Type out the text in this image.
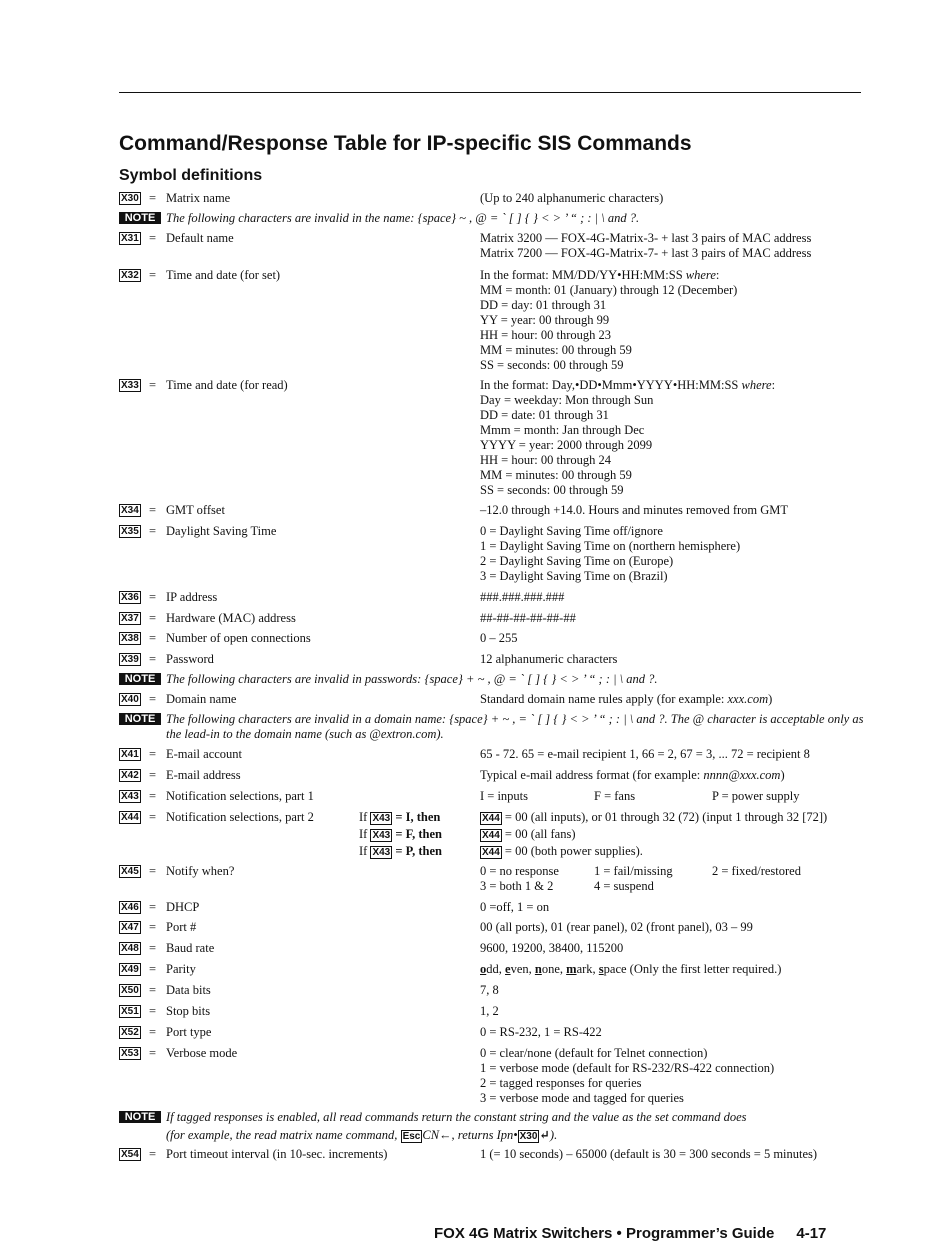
Command/Response Table for IP-specific SIS Commands
Symbol definitions
X30 = Matrix name	(Up to 240 alphanumeric characters)
X31 = Default name	Matrix 3200 — FOX-4G-Matrix-3- + last 3 pairs of MAC address
Matrix 7200 — FOX-4G-Matrix-7- + last 3 pairs of MAC address
X32 = Time and date (for set)	In the format: MM/DD/YY•HH:MM:SS where:
MM = month: 01 (January) through 12 (December)
DD = day: 01 through 31
YY = year: 00 through 99
HH = hour: 00 through 23
MM = minutes: 00 through 59
SS = seconds: 00 through 59
X33 = Time and date (for read)	In the format: Day,•DD•Mmm•YYYY•HH:MM:SS where:
Day = weekday: Mon through Sun
DD = date: 01 through 31
Mmm = month: Jan through Dec
YYYY = year: 2000 through 2099
HH = hour: 00 through 24
MM = minutes: 00 through 59
SS = seconds: 00 through 59
X34 = GMT offset	–12.0 through +14.0. Hours and minutes removed from GMT
X35 = Daylight Saving Time	0 = Daylight Saving Time off/ignore
1 = Daylight Saving Time on (northern hemisphere)
2 = Daylight Saving Time on (Europe)
3 = Daylight Saving Time on (Brazil)
X36 = IP address	###.###.###.###
X37 = Hardware (MAC) address	##-##-##-##-##-##
X38 = Number of open connections	0 – 255
X39 = Password	12 alphanumeric characters
X40 = Domain name	Standard domain name rules apply (for example: xxx.com)
X41 = E-mail account	65 - 72. 65 = e-mail recipient 1, 66 = 2, 67 = 3, ... 72 = recipient 8
X42 = E-mail address	Typical e-mail address format (for example: nnnn@xxx.com)
X43 = Notification selections, part 1	I = inputs	F = fans	P = power supply
X44 = Notification selections, part 2	If X43 = I, then	X44 = 00 (all inputs), or 01 through 32 (72) (input 1 through 32 [72])
If X43 = F, then	X44 = 00 (all fans)
If X43 = P, then	X44 = 00 (both power supplies).
X45 = Notify when?	0 = no response	1 = fail/missing	2 = fixed/restored
3 = both 1 & 2	4 = suspend
X46 = DHCP	0 =off, 1 = on
X47 = Port #	00 (all ports), 01 (rear panel), 02 (front panel), 03 – 99
X48 = Baud rate	9600, 19200, 38400, 115200
X49 = Parity	odd, even, none, mark, space (Only the first letter required.)
X50 = Data bits	7, 8
X51 = Stop bits	1, 2
X52 = Port type	0 = RS-232, 1 = RS-422
X53 = Verbose mode	0 = clear/none (default for Telnet connection)
1 = verbose mode (default for RS-232/RS-422 connection)
2 = tagged responses for queries
3 = verbose mode and tagged for queries
X54 = Port timeout interval (in 10-sec. increments)	1 (= 10 seconds) – 65000 (default is 30 = 300 seconds = 5 minutes)
NOTE The following characters are invalid in the name: {space} ~ , @ = ` [ ] { } < > ’ “ ; : | \ and ?.
NOTE The following characters are invalid in passwords: {space} + ~ , @ = ` [ ] { } < > ’ “ ; : | \ and ?.
NOTE The following characters are invalid in a domain name: {space} + ~ , = ` [ ] { } < > ’ “ ; : | \ and ?. The @ character is acceptable only as
the lead-in to the domain name (such as @extron.com).
NOTE If tagged responses is enabled, all read commands return the constant string and the value as the set command does
(for example, the read matrix name command, Esc CN←, returns Ipn• X30 ↵).
FOX 4G Matrix Switchers • Programmer’s Guide 4-17
